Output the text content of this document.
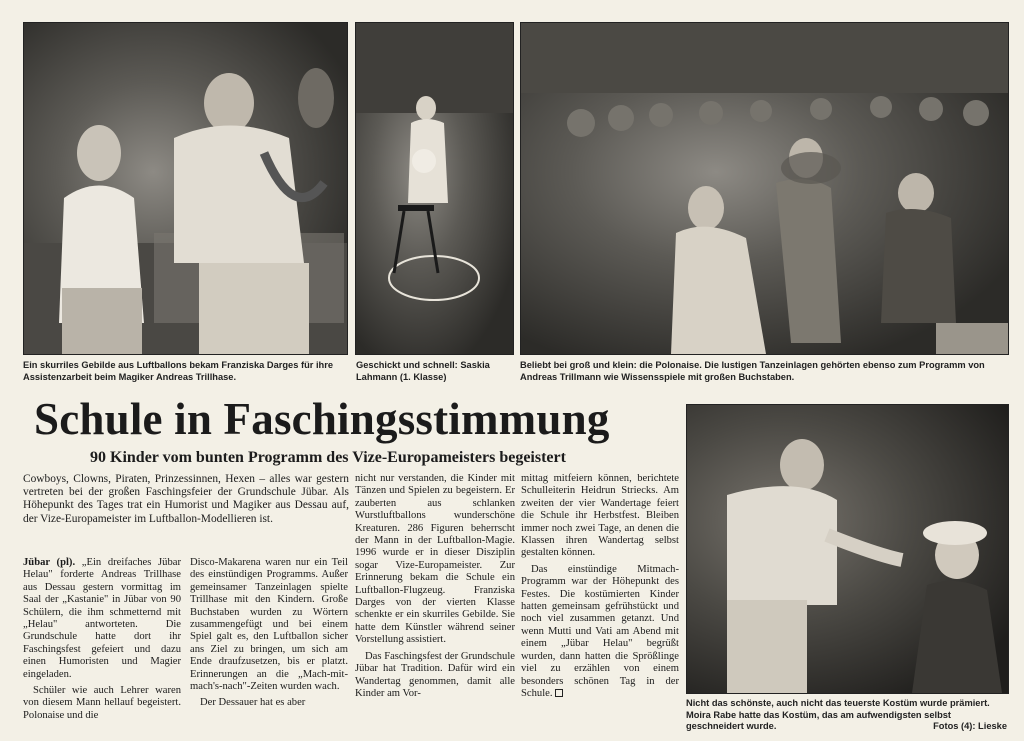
Ein skurriles Gebilde aus Luftballons bekam Franziska Darges für ihre Assistenzarbeit beim Magiker Andreas Trillhase.
Geschickt und schnell: Saskia Lahmann (1. Klasse)
Beliebt bei groß und klein: die Polonaise. Die lustigen Tanzeinlagen gehörten ebenso zum Programm von Andreas Trillmann wie Wissensspiele mit großen Buchstaben.
Schule in Faschingsstimmung
90 Kinder vom bunten Programm des Vize-Europameisters begeistert

Cowboys, Clowns, Piraten, Prinzessinnen, Hexen – alles war gestern vertreten bei der großen Faschingsfeier der Grundschule Jübar. Als Höhepunkt des Tages trat ein Humorist und Magiker aus Dessau auf, der Vize-Europameister im Luftballon-Modellieren ist.

Jübar (pl). „Ein dreifaches Jübar Helau" forderte Andreas Trillhase aus Dessau gestern vormittag im Saal der „Kastanie" in Jübar von 90 Schülern, die ihm schmetternd mit „Helau" antworteten. Die Grundschule hatte dort ihr Faschingsfest gefeiert und dazu einen Humoristen und Magier eingeladen.

Schüler wie auch Lehrer waren von diesem Mann hellauf begeistert. Polonaise und die

Disco-Makarena waren nur ein Teil des einstündigen Programms. Außer gemeinsamer Tanzeinlagen spielte Trillhase mit den Kindern. Große Buchstaben wurden zu Wörtern zusammengefügt und bei einem Spiel galt es, den Luftballon sicher ans Ziel zu bringen, um sich am Ende draufzusetzen, bis er platzt. Erinnerungen an die „Mach-mit-mach's-nach"-Zeiten wurden wach.

Der Dessauer hat es aber

nicht nur verstanden, die Kinder mit Tänzen und Spielen zu begeistern. Er zauberten aus schlanken Wurstluftballons wunderschöne Kreaturen. 286 Figuren beherrscht der Mann in der Luftballon-Magie. 1996 wurde er in dieser Disziplin sogar Vize-Europameister. Zur Erinnerung bekam die Schule ein Luftballon-Flugzeug. Franziska Darges von der vierten Klasse schenkte er ein skurriles Gebilde. Sie hatte dem Künstler während seiner Vorstellung assistiert.

Das Faschingsfest der Grundschule Jübar hat Tradition. Dafür wird ein Wandertag genommen, damit alle Kinder am Vor-

mittag mitfeiern können, berichtete Schulleiterin Heidrun Striecks. Am zweiten der vier Wandertage feiert die Schule ihr Herbstfest. Bleiben immer noch zwei Tage, an denen die Klassen ihren Wandertag selbst gestalten können.

Das einstündige Mitmach-Programm war der Höhepunkt des Festes. Die kostümierten Kinder hatten gemeinsam gefrühstückt und noch viel zusammen getanzt. Und wenn Mutti und Vati am Abend mit einem „Jübar Helau" begrüßt wurden, dann hatten die Sprößlinge viel zu erzählen von einem besonders schönen Tag in der Schule.

Nicht das schönste, auch nicht das teuerste Kostüm wurde prämiert. Moira Rabe hatte das Kostüm, das am aufwendigsten selbst geschneidert wurde.	Fotos (4): Lieske
